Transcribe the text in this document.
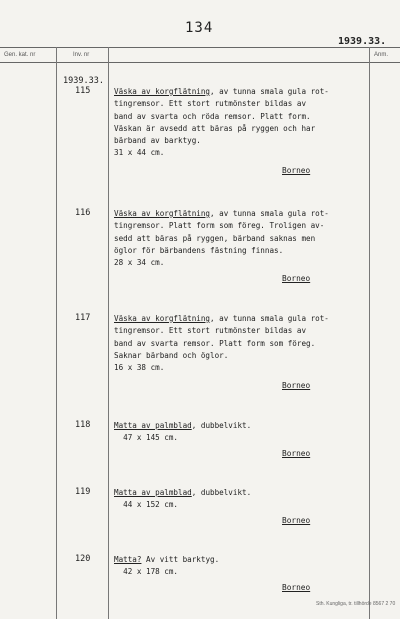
134
1939.33.
Gen. kat. nr	Inv. nr	Anm.
1939.33.
115	Väska av korgflätning, av tunna smala gula rot-
tingremsor. Ett stort rutmönster bildas av
band av svarta och röda remsor. Platt form.
Väskan är avsedd att bäras på ryggen och har
bärband av barktyg.
31 x 44 cm.
Borneo
116	Väska av korgflätning, av tunna smala gula rot-
tingremsor. Platt form som föreg. Troligen av-
sedd att bäras på ryggen, bärband saknas men
öglor för bärbandens fästning finnas.
28 x 34 cm.
Borneo
117	Väska av korgflätning, av tunna smala gula rot-
tingremsor. Ett stort rutmönster bildas av
band av svarta remsor. Platt form som föreg.
Saknar bärband och öglor.
16 x 38 cm.
Borneo
118	Matta av palmblad, dubbelvikt.
47 x 145 cm.
Borneo
119	Matta av palmblad, dubbelvikt.
44 x 152 cm.
Borneo
120	Matta? Av vitt barktyg.
42 x 178 cm.
Borneo
Sth. Kungliga, tr. tillhörde 8567 2 70
